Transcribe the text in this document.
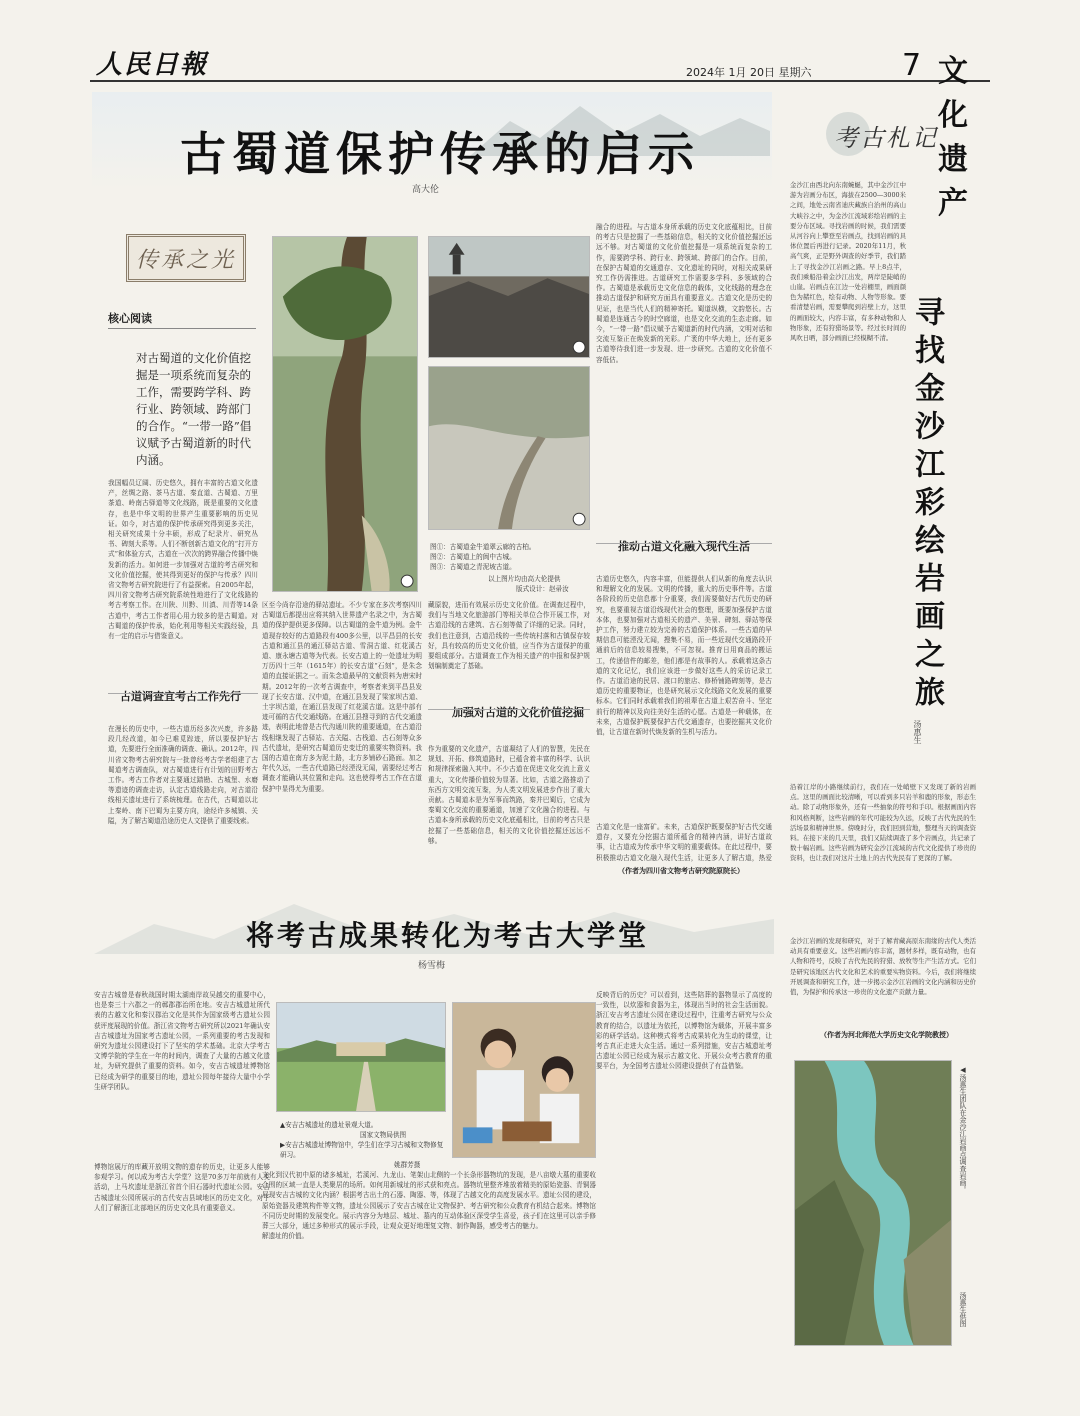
人民日報	2024年 1月 20日 星期六	7 文化遗产
古蜀道保护传承的启示
高大伦
传承之光
核心阅读
对古蜀道的文化价值挖掘是一项系统而复杂的工作，需要跨学科、跨行业、跨领域、跨部门的合作。“一带一路”倡议赋予古蜀道新的时代内涵。
我国幅员辽阔、历史悠久，拥有丰富的古道文化遗产，丝绸之路、茶马古道、秦直道、古蜀道、万里茶道、岭南古驿道等文化线路，既是重要的文化遗存，也是中华文明的世界产生重要影响的历史见证。如今，对古道的保护传承研究得到更多关注，相关研究成果十分丰硕，形成了纪录片、研究丛书、碑刻大系等。人们不断创新古道文化的“打开方式”和体验方式，古道在一次次的跨界融合传播中焕发新的活力。如何进一步加强对古道的考古研究和文化价值挖掘，使其得到更好的保护与传承？四川省文物考古研究院进行了有益探索。自2005年起，四川省文物考古研究院系统性地进行了文化线路的考古考察工作。在川陕、川黔、川滇、川青等14条古道中，考古工作者用心用力较多的是古蜀道。对古蜀道的保护传承，始化利用等相关实践经验，具有一定的启示与借鉴意义。
古道调查宜考古工作先行
在漫长的历史中，一些古道历经多次兴废，许多路段几经改道，如今已难觅踪迹，所以要保护好古道，先要进行全面准确的调查、确认。2012年，四川省文物考古研究院与一批曾经考古学者组建了古蜀道考古调查队，对古蜀道进行有计划的田野考古工作。考古工作者对主要通过踏勘、古城堡、水磨等遗迹的调查走访，认定古道线路走向，对古道沿线相关遗址进行了系统梳理。在古代，古蜀道以北上秦岭、南下巴蜀为主要方向，途经许多城镇、关隘，为了解古蜀道沿途历史人文提供了重要线索。
图①：古蜀道金牛道翠云廊的古柏。
图②：古蜀道上的阆中古城。
图③：古蜀道之青泥坡古道。
以上图片均由高大伦提供
版式设计：赵帚汝
区至今尚存沿途的驿站遗址。不少专家在多次考察四川古蜀道后都提出应将其纳入世界遗产名录之中，为古蜀道的保护提供更多保障。以古蜀道的金牛道为例。金牛道现存较好的古道路段有400多公里，以平昌县的长安古道和通江县的通江驿站古道、雪洞古道、红花溪古道、康永塘古道等为代表。长安古道上的一处遗址为明万历四十三年（1615年）的长安古道“石刻”，是朱念道的直接证据之一。而朱念道最早的文献资料为唐宋时期。2012年的一次考古调查中，考察者来到平昌县发现了长安古道、汉中道，在通江县发现了梁家坝古道、土字坝古道，在通江县发现了红花溪古道。这是中部有迹可循的古代交通线路。在通江县搜寻到的古代交通遗迹，表明此地曾是古代沟通川陕的重要通道，在古道沿线相继发现了古驿站、古关隘、古栈道、古石刻等众多古代遗址，是研究古蜀道历史变迁的重要实物资料。我国的古道在南方多为泥土路，北方多铺砂石路面。加之年代久远，一些古代道路已经湮没无闻，需要经过考古调查才能确认其位置和走向。这也使得考古工作在古道保护中显得尤为重要。
藏原貌，进而有效展示历史文化价值。在调查过程中，我们与当地文化旅游部门等相关单位合作开展工作，对古道沿线的古建筑、古石刻等做了详细的记录。同时，我们也注意到，古道沿线的一些传统村落和古镇保存较好，具有较高的历史文化价值，应当作为古道保护的重要组成部分。古道调查工作为相关遗产的申报和保护规划编制奠定了基础。
加强对古道的文化价值挖掘
作为重要的文化遗产，古道凝结了人们的智慧，先民在规划、开拓、修筑道路时，已蕴含着丰富的科学、认识和规律探索融入其中。不少古道在促进文化交流上意义重大，文化传播价值较为显著。比如，古道之路推动了东西方文明交流互鉴，为人类文明发展进步作出了重大贡献。古蜀道本是为军事而筑路，秦并巴蜀后，它成为秦蜀文化交流的重要通道，加速了文化融合的进程。与古道本身所承载的历史文化底蕴相比，目前的考古只是挖掘了一些基础信息，相关的文化价值挖掘还远远不够。
融合的进程。与古道本身所承载的历史文化底蕴相比，目前的考古只是挖掘了一些基础信息，相关的文化价值挖掘还远远不够。对古蜀道的文化价值挖掘是一项系统而复杂的工作，需要跨学科、跨行业、跨领域、跨部门的合作。目前，在保护古蜀道的交通遗存、文化遗址的同时，对相关成果研究工作仍需推进。古道研究工作需要多学科、多领域的合作。古蜀道是承载历史文化信息的载体，文化线路的理念在推动古道保护和研究方面具有重要意义。古道文化是历史的见证，也是当代人们的精神寄托。蜀道纵横，文韵悠长。古蜀道是连通古今的时空廊道，也是文化交流的生态走廊。如今，“一带一路”倡议赋予古蜀道新的时代内涵，文明对话和交流互鉴正在焕发新的光彩。广袤的中华大地上，还有更多古道等待我们进一步发现、进一步研究。古道的文化价值不容低估。
推动古道文化融入现代生活
古道历史悠久，内容丰富，但能提供人们从新的角度去认识和理解文化的发展。文明的传播，重大的历史事件等。古道各阶段的历史信息都十分重要，我们需要做好古代历史的研究，也要重视古道沿线现代社会的整理，既要加强保护古道本体，也要加强对古道相关的遗产、美景、碑刻、驿站等保护工作，努力建立较为完善的古道保护体系。一些古道的早期信息可能湮没无闻，搜集不易，而一些近现代交通路段开通前后的信息较易搜集，不可忽视。推育日用商品的搬运工，传递信件的邮差，他们都是有故事的人。承载着这条古道的文化记忆，我们应该进一步做好这些人的采访记录工作。古道沿途的民居、渡口的旅店、修桥铺路碑刻等，是古道历史的重要物证，也是研究展示文化线路文化发展的重要标本。它们同时承载着我们的祖辈在古道上艰苦奋斗、坚定前行的精神以及向往美好生活的心愿。古道是一种载体，在未来，古道保护既要保护古代交通遗存，也要挖掘其文化价值，让古道在新时代焕发新的生机与活力。
古道文化是一座富矿。未来，古道保护既要保护好古代交通遗存，又要充分挖掘古道所蕴含的精神内涵，讲好古道故事，让古道成为传承中华文明的重要载体。在此过程中，要积极推动古道文化融入现代生活，让更多人了解古道，热爱
（作者为四川省文物考古研究院原院长）
将考古成果转化为考古大学堂
杨雪梅
安吉古城曾是春秋战国时期太湖南岸故吴越交的重要中心，也是秦三十六郡之一的鄣郡郡治所在地。安吉古城遗址所代表的古越文化和秦汉郡治文化是其作为国家级考古遗址公园获评度展现的价值。浙江省文物考古研究所以2021年确认安吉古城遗址为国家考古遗址公园，一系列重要的考古发现和研究为遗址公园建设打下了坚实的学术基础。北京大学考古文博学院的学生在一年的时间内，调查了大量的古越文化遗址，为研究提供了重要的资料。如今，安吉古城遗址博物馆已经成为研学的重要目的地，遗址公园每年接待大量中小学生研学团队。
博物馆展厅的库藏开放明文物的遗存的历史，让更多人能够参观学习。何以成为考古大学堂？这是70多万年前就有人类活动，上马坎遗址是浙江省首个旧石器时代遗址公园。安吉古城遗址公园所展示的古代安吉县域地区的历史文化，对于人们了解浙江北部地区的历史文化具有重要意义。
▲安吉古城遗址的遗址景观大道。
国家文物局供图
▶安吉古城遗址博物馆中，学生们在学习古城和文物修复研习。
姚群芳摄
文化到汉代初中原的诸多城址，若溪河、九龙山、笔架山合围的区域一直是人类聚居的场所。如何用新城址的形式展现安吉古城的文化内涵？根据考古出土的石器、陶器、原始瓷器及建筑构件等文物，遗址公园展示了安吉古城在不同历史时期的发展变化。展示内容分为地层、城址、墓葬三大部分，通过多种形式的展示手段，让观众更好地理解遗址的价值。
北侧的一个长条形器物坑的发现，是八亩墩大墓的重要收获和亮点。器物坑里整齐堆放着精美的原始瓷器、青铜器等，体现了古越文化的高度发展水平。遗址公园的建设，让文物保护、考古研究和公众教育有机结合起来。博物馆内的互动体验区深受学生喜爱，孩子们在这里可以亲手修复文物、制作陶器，感受考古的魅力。
反映背后的历史？可以看到，这些陪葬的器物显示了高度的一致性，以炊器和食器为主，体现出当时的社会生活面貌。浙江安吉考古遗址公园在建设过程中，注重考古研究与公众教育的结合，以遗址为依托，以博物馆为载体，开展丰富多彩的研学活动。这种模式将考古成果转化为生动的课堂，让考古真正走进大众生活。通过一系列措施，安吉古城遗址考古遗址公园已经成为展示古越文化、开展公众考古教育的重要平台，为全国考古遗址公园建设提供了有益借鉴。
考古札记
寻找金沙江彩绘岩画之旅
汤惠生
金沙江由西北向东南蜿蜒，其中金沙江中游为岩画分布区，海拔在2500—3000米之间，地处云南省迪庆藏族自治州的高山大峡谷之中，为金沙江流域彩绘岩画的主要分布区域。寻找岩画的时候，我们需要从河谷向上攀登至岩画点，找到岩画的具体位置后再进行记录。2020年11月，秋高气爽，正是野外调查的好季节，我们踏上了寻找金沙江岩画之路。早上8点半，我们乘船沿着金沙江出发，两岸是陡峭的山崖。岩画点在江边一处岩棚里，画面颜色为赭红色，绘有动物、人物等形象。要看清楚岩画，需要攀爬到岩壁上方，这里的画面较大，内容丰富，有多种动物和人物形象，还有狩猎场景等。经过长时间的风吹日晒，部分画面已经模糊不清。
沿着江岸的小路继续前行，我们在一处峭壁下又发现了新的岩画点。这里的画面比较清晰，可以看到多只岩羊和鹿的形象，形态生动。除了动物形象外，还有一些抽象的符号和手印。根据画面内容和风格判断，这些岩画的年代可能较为久远，反映了古代先民的生活场景和精神世界。傍晚时分，我们回到营地，整理当天的调查资料。在接下来的几天里，我们又陆续调查了多个岩画点，共记录了数十幅岩画。这些岩画为研究金沙江流域的古代文化提供了珍贵的资料，也让我们对这片土地上的古代先民有了更深的了解。
金沙江岩画的发现和研究，对于了解青藏高原东南缘的古代人类活动具有重要意义。这些岩画内容丰富，题材多样，既有动物，也有人物和符号，反映了古代先民的狩猎、放牧等生产生活方式。它们是研究该地区古代文化和艺术的重要实物资料。今后，我们将继续开展调查和研究工作，进一步揭示金沙江岩画的文化内涵和历史价值，为保护和传承这一珍贵的文化遗产贡献力量。
（作者为河北师范大学历史文化学院教授）
◀汤惠生团队在金沙江岩画点调查岩画。
汤惠生供图
